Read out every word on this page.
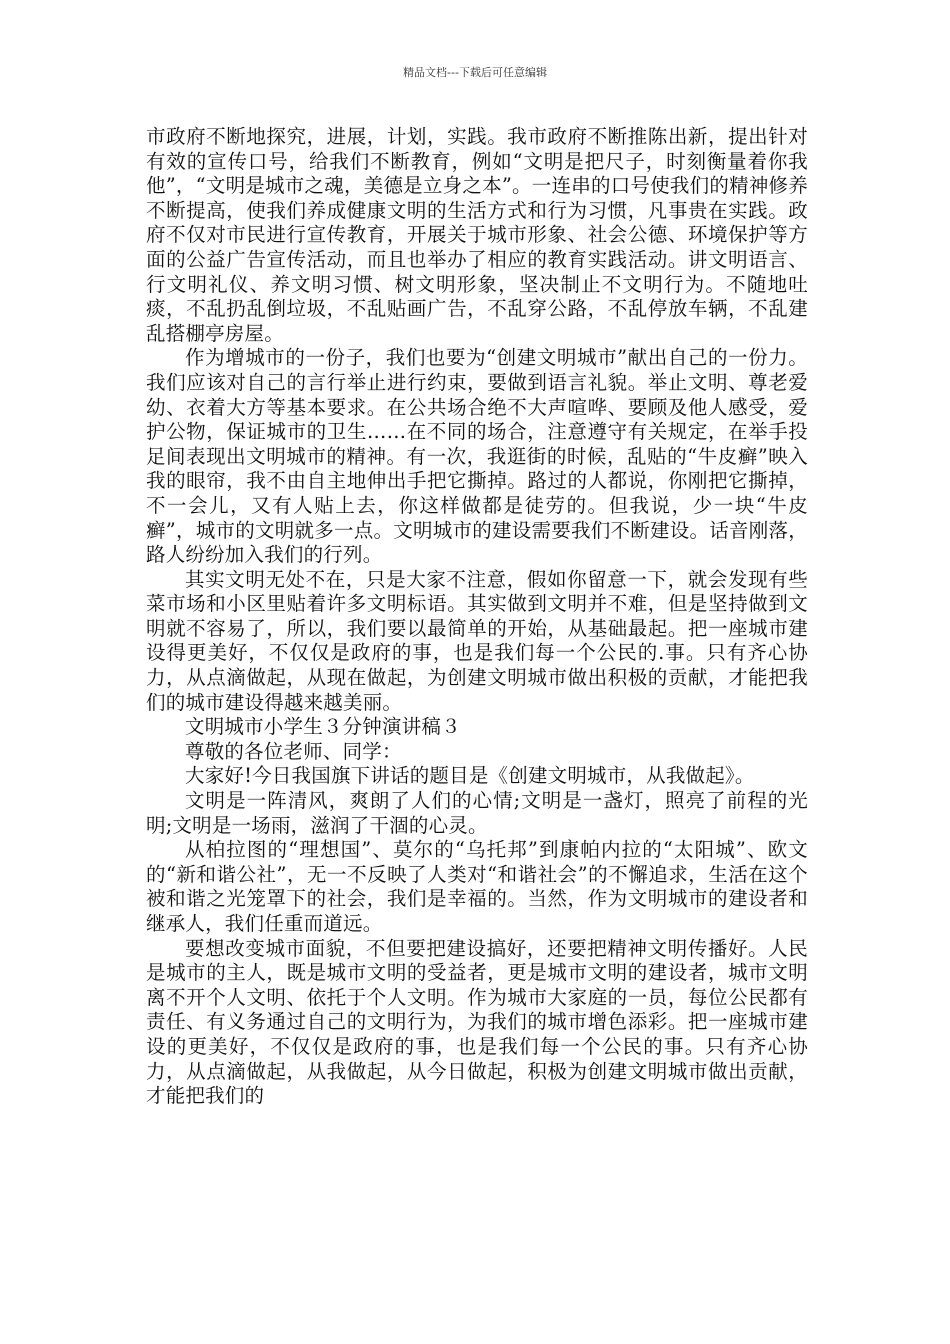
精品文档---下载后可任意编辑

市政府不断地探究，进展，计划，实践。我市政府不断推陈出新，提出针对有效的宣传口号，给我们不断教育，例如“文明是把尺子，时刻衡量着你我他”，“文明是城市之魂，美德是立身之本”。一连串的口号使我们的精神修养不断提高，使我们养成健康文明的生活方式和行为习惯，凡事贵在实践。政府不仅对市民进行宣传教育，开展关于城市形象、社会公德、环境保护等方面的公益广告宣传活动，而且也举办了相应的教育实践活动。讲文明语言、行文明礼仪、养文明习惯、树文明形象，坚决制止不文明行为。不随地吐痰，不乱扔乱倒垃圾，不乱贴画广告，不乱穿公路，不乱停放车辆，不乱建乱搭棚亭房屋。

作为增城市的一份子，我们也要为“创建文明城市”献出自己的一份力。我们应该对自己的言行举止进行约束，要做到语言礼貌。举止文明、尊老爱幼、衣着大方等基本要求。在公共场合绝不大声喧哗、要顾及他人感受，爱护公物，保证城市的卫生……在不同的场合，注意遵守有关规定，在举手投足间表现出文明城市的精神。有一次，我逛街的时候，乱贴的“牛皮癣”映入我的眼帘，我不由自主地伸出手把它撕掉。路过的人都说，你刚把它撕掉，不一会儿，又有人贴上去，你这样做都是徒劳的。但我说，少一块“牛皮癣”，城市的文明就多一点。文明城市的建设需要我们不断建设。话音刚落，路人纷纷加入我们的行列。

其实文明无处不在，只是大家不注意，假如你留意一下，就会发现有些菜市场和小区里贴着许多文明标语。其实做到文明并不难，但是坚持做到文明就不容易了，所以，我们要以最简单的开始，从基础最起。把一座城市建设得更美好，不仅仅是政府的事，也是我们每一个公民的.事。只有齐心协力，从点滴做起，从现在做起，为创建文明城市做出积极的贡献，才能把我们的城市建设得越来越美丽。

文明城市小学生３分钟演讲稿３

尊敬的各位老师、同学：

大家好!今日我国旗下讲话的题目是《创建文明城市，从我做起》。

文明是一阵清风，爽朗了人们的心情;文明是一盏灯，照亮了前程的光明;文明是一场雨，滋润了干涸的心灵。

从柏拉图的“理想国”、莫尔的“乌托邦”到康帕内拉的“太阳城”、欧文的“新和谐公社”，无一不反映了人类对“和谐社会”的不懈追求，生活在这个被和谐之光笼罩下的社会，我们是幸福的。当然，作为文明城市的建设者和继承人，我们任重而道远。

要想改变城市面貌，不但要把建设搞好，还要把精神文明传播好。人民是城市的主人，既是城市文明的受益者，更是城市文明的建设者，城市文明离不开个人文明、依托于个人文明。作为城市大家庭的一员，每位公民都有责任、有义务通过自己的文明行为，为我们的城市增色添彩。把一座城市建设的更美好，不仅仅是政府的事，也是我们每一个公民的事。只有齐心协力，从点滴做起，从我做起，从今日做起，积极为创建文明城市做出贡献，才能把我们的
